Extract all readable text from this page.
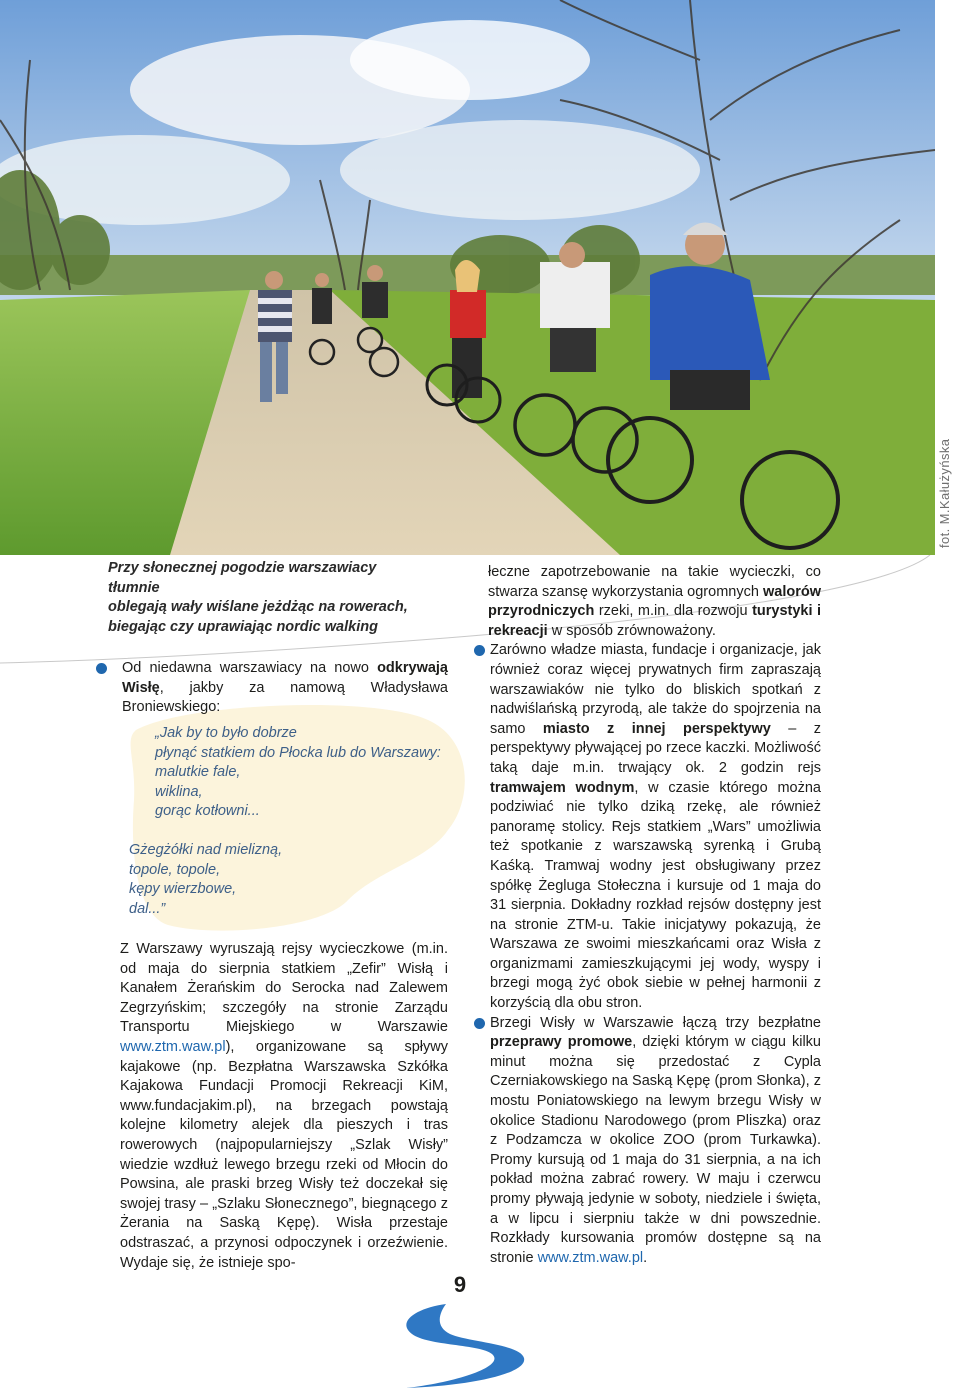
fot. M.Kałużyńska

Przy słonecznej pogodzie warszawiacy tłumnie

oblegają wały wiślane jeżdżąc na rowerach,

biegając czy uprawiając nordic walking

Od niedawna warszawiacy na nowo odkrywają Wisłę, jakby za namową Władysława Broniewskiego:

„Jak by to było dobrze

płynąć statkiem do Płocka lub do Warszawy:

malutkie fale,

wiklina,

gorąc kotłowni...

Gżegżółki nad mielizną,

topole, topole,

kępy wierzbowe,

dal...”

Z Warszawy wyruszają rejsy wycieczkowe (m.in. od maja do sierpnia statkiem „Zefir” Wisłą i Kanałem Żerańskim do Serocka nad Zalewem Zegrzyńskim; szczegóły na stronie Zarządu Transportu Miejskiego w Warszawie www.ztm.waw.pl), organizowane są spływy kajakowe (np. Bezpłatna Warszawska Szkółka Kajakowa Fundacji Promocji Rekreacji KiM, www.fundacjakim.pl), na brzegach powstają kolejne kilometry alejek dla pieszych i tras rowerowych (najpopularniejszy „Szlak Wisły” wiedzie wzdłuż lewego brzegu rzeki od Młocin do Powsina, ale praski brzeg Wisły też doczekał się swojej trasy – „Szlaku Słonecznego”, biegnącego z Żerania na Saską Kępę). Wisła przestaje odstraszać, a przynosi odpoczynek i orzeźwienie. Wydaje się, że istnieje spo-

łeczne zapotrzebowanie na takie wycieczki, co stwarza szansę wykorzystania ogromnych walorów przyrodniczych rzeki, m.in. dla rozwoju turystyki i rekreacji w sposób zrównoważony.

Zarówno władze miasta, fundacje i organizacje, jak również coraz więcej prywatnych firm zapraszają warszawiaków nie tylko do bliskich spotkań z nadwiślańską przyrodą, ale także do spojrzenia na samo miasto z innej perspektywy – z perspektywy pływającej po rzece kaczki. Możliwość taką daje m.in. trwający ok. 2 godzin rejs tramwajem wodnym, w czasie którego można podziwiać nie tylko dziką rzekę, ale również panoramę stolicy. Rejs statkiem „Wars” umożliwia też spotkanie z warszawską syrenką i Grubą Kaśką. Tramwaj wodny jest obsługiwany przez spółkę Żegluga Stołeczna i kursuje od 1 maja do 31 sierpnia. Dokładny rozkład rejsów dostępny jest na stronie ZTM-u. Takie inicjatywy pokazują, że Warszawa ze swoimi mieszkańcami oraz Wisła z organizmami zamieszkującymi jej wody, wyspy i brzegi mogą żyć obok siebie w pełnej harmonii z korzyścią dla obu stron.

Brzegi Wisły w Warszawie łączą trzy bezpłatne przeprawy promowe, dzięki którym w ciągu kilku minut można się przedostać z Cypla Czerniakowskiego na Saską Kępę (prom Słonka), z mostu Poniatowskiego na lewym brzegu Wisły w okolice Stadionu Narodowego (prom Pliszka) oraz z Podzamcza w okolice ZOO (prom Turkawka). Promy kursują od 1 maja do 31 sierpnia, a na ich pokład można zabrać rowery. W maju i czerwcu promy pływają jedynie w soboty, niedziele i święta, a w lipcu i sierpniu także w dni powszednie. Rozkłady kursowania promów dostępne są na stronie www.ztm.waw.pl.

9
